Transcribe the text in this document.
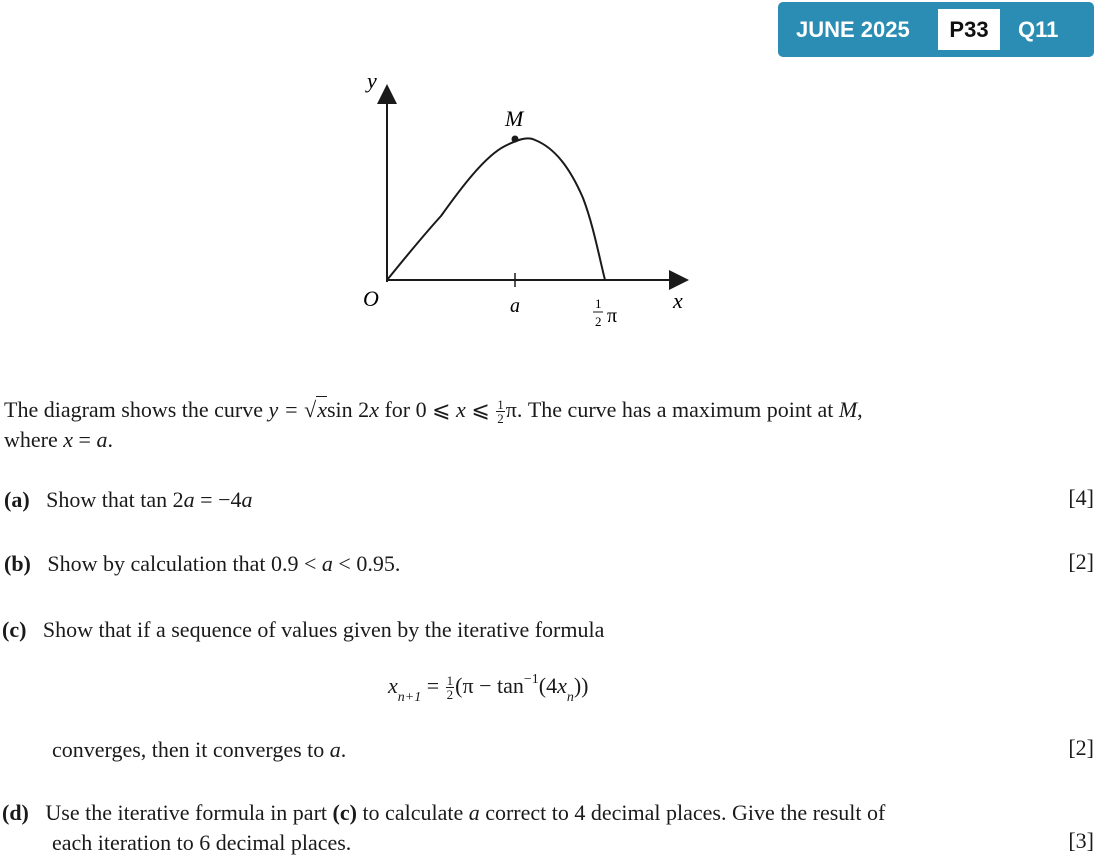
JUNE 2025	P33	Q11
y
x
O
M
a	1
2 π
The diagram shows the curve y = √xsin 2x for 0 ⩽ x ⩽ $\frac{1}{2} \pi$. The curve has a maximum point at M,
where x = a.
(a) Show that tan 2a = −4a	[4]
(b) Show by calculation that 0.9 < a < 0.95.	[2]
(c) Show that if a sequence of values given by the iterative formula
$x_{n+1} = \frac{1}{2} (\pi - \tan^{-1}(4x_n))$
converges, then it converges to a.	[2]
(d) Use the iterative formula in part (c) to calculate a correct to 4 decimal places. Give the result of
each iteration to 6 decimal places.	[3]
